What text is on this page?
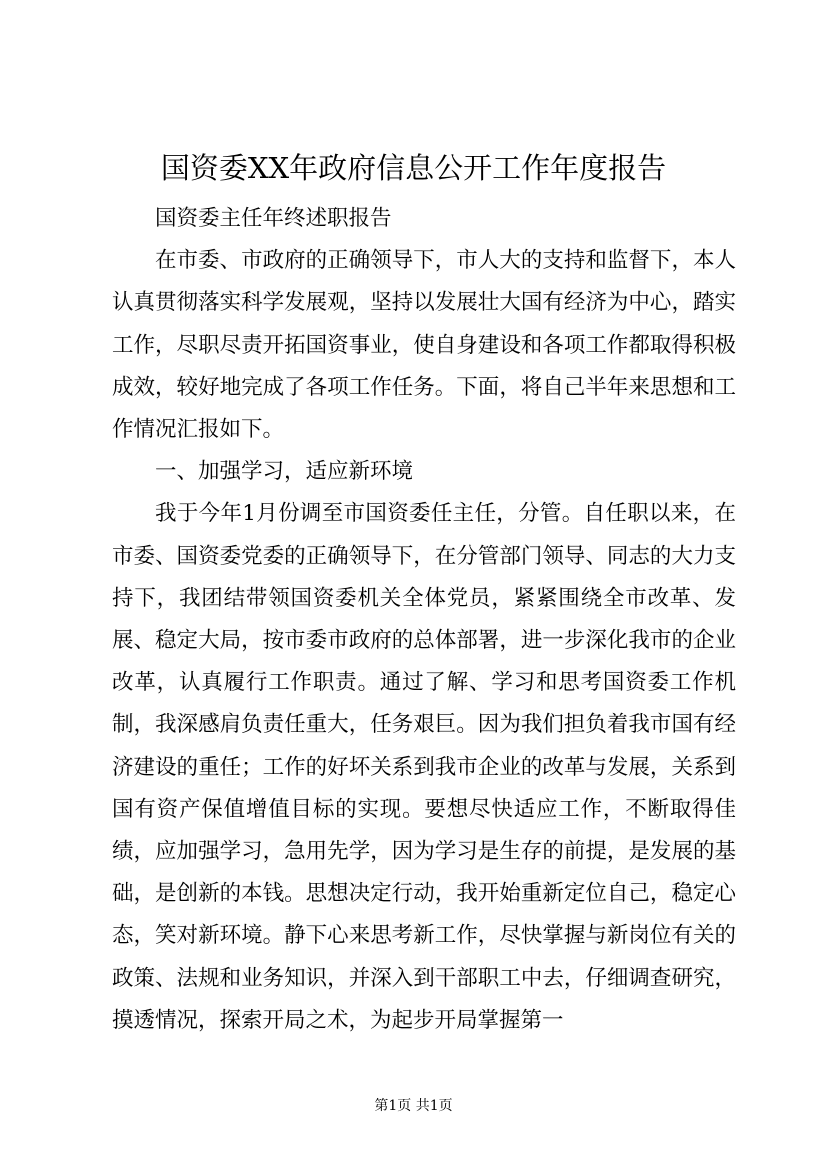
国资委XX年政府信息公开工作年度报告

国资委主任年终述职报告

在市委、市政府的正确领导下，市人大的支持和监督下，本人认真贯彻落实科学发展观，坚持以发展壮大国有经济为中心，踏实工作，尽职尽责开拓国资事业，使自身建设和各项工作都取得积极成效，较好地完成了各项工作任务。下面，将自己半年来思想和工作情况汇报如下。

一、加强学习，适应新环境

我于今年1月份调至市国资委任主任，分管。自任职以来，在市委、国资委党委的正确领导下，在分管部门领导、同志的大力支持下，我团结带领国资委机关全体党员，紧紧围绕全市改革、发展、稳定大局，按市委市政府的总体部署，进一步深化我市的企业改革，认真履行工作职责。通过了解、学习和思考国资委工作机制，我深感肩负责任重大，任务艰巨。因为我们担负着我市国有经济建设的重任；工作的好坏关系到我市企业的改革与发展，关系到国有资产保值增值目标的实现。要想尽快适应工作，不断取得佳绩，应加强学习，急用先学，因为学习是生存的前提，是发展的基础，是创新的本钱。思想决定行动，我开始重新定位自己，稳定心态，笑对新环境。静下心来思考新工作，尽快掌握与新岗位有关的政策、法规和业务知识，并深入到干部职工中去，仔细调查研究，摸透情况，探索开局之术，为起步开局掌握第一

第1页 共1页
